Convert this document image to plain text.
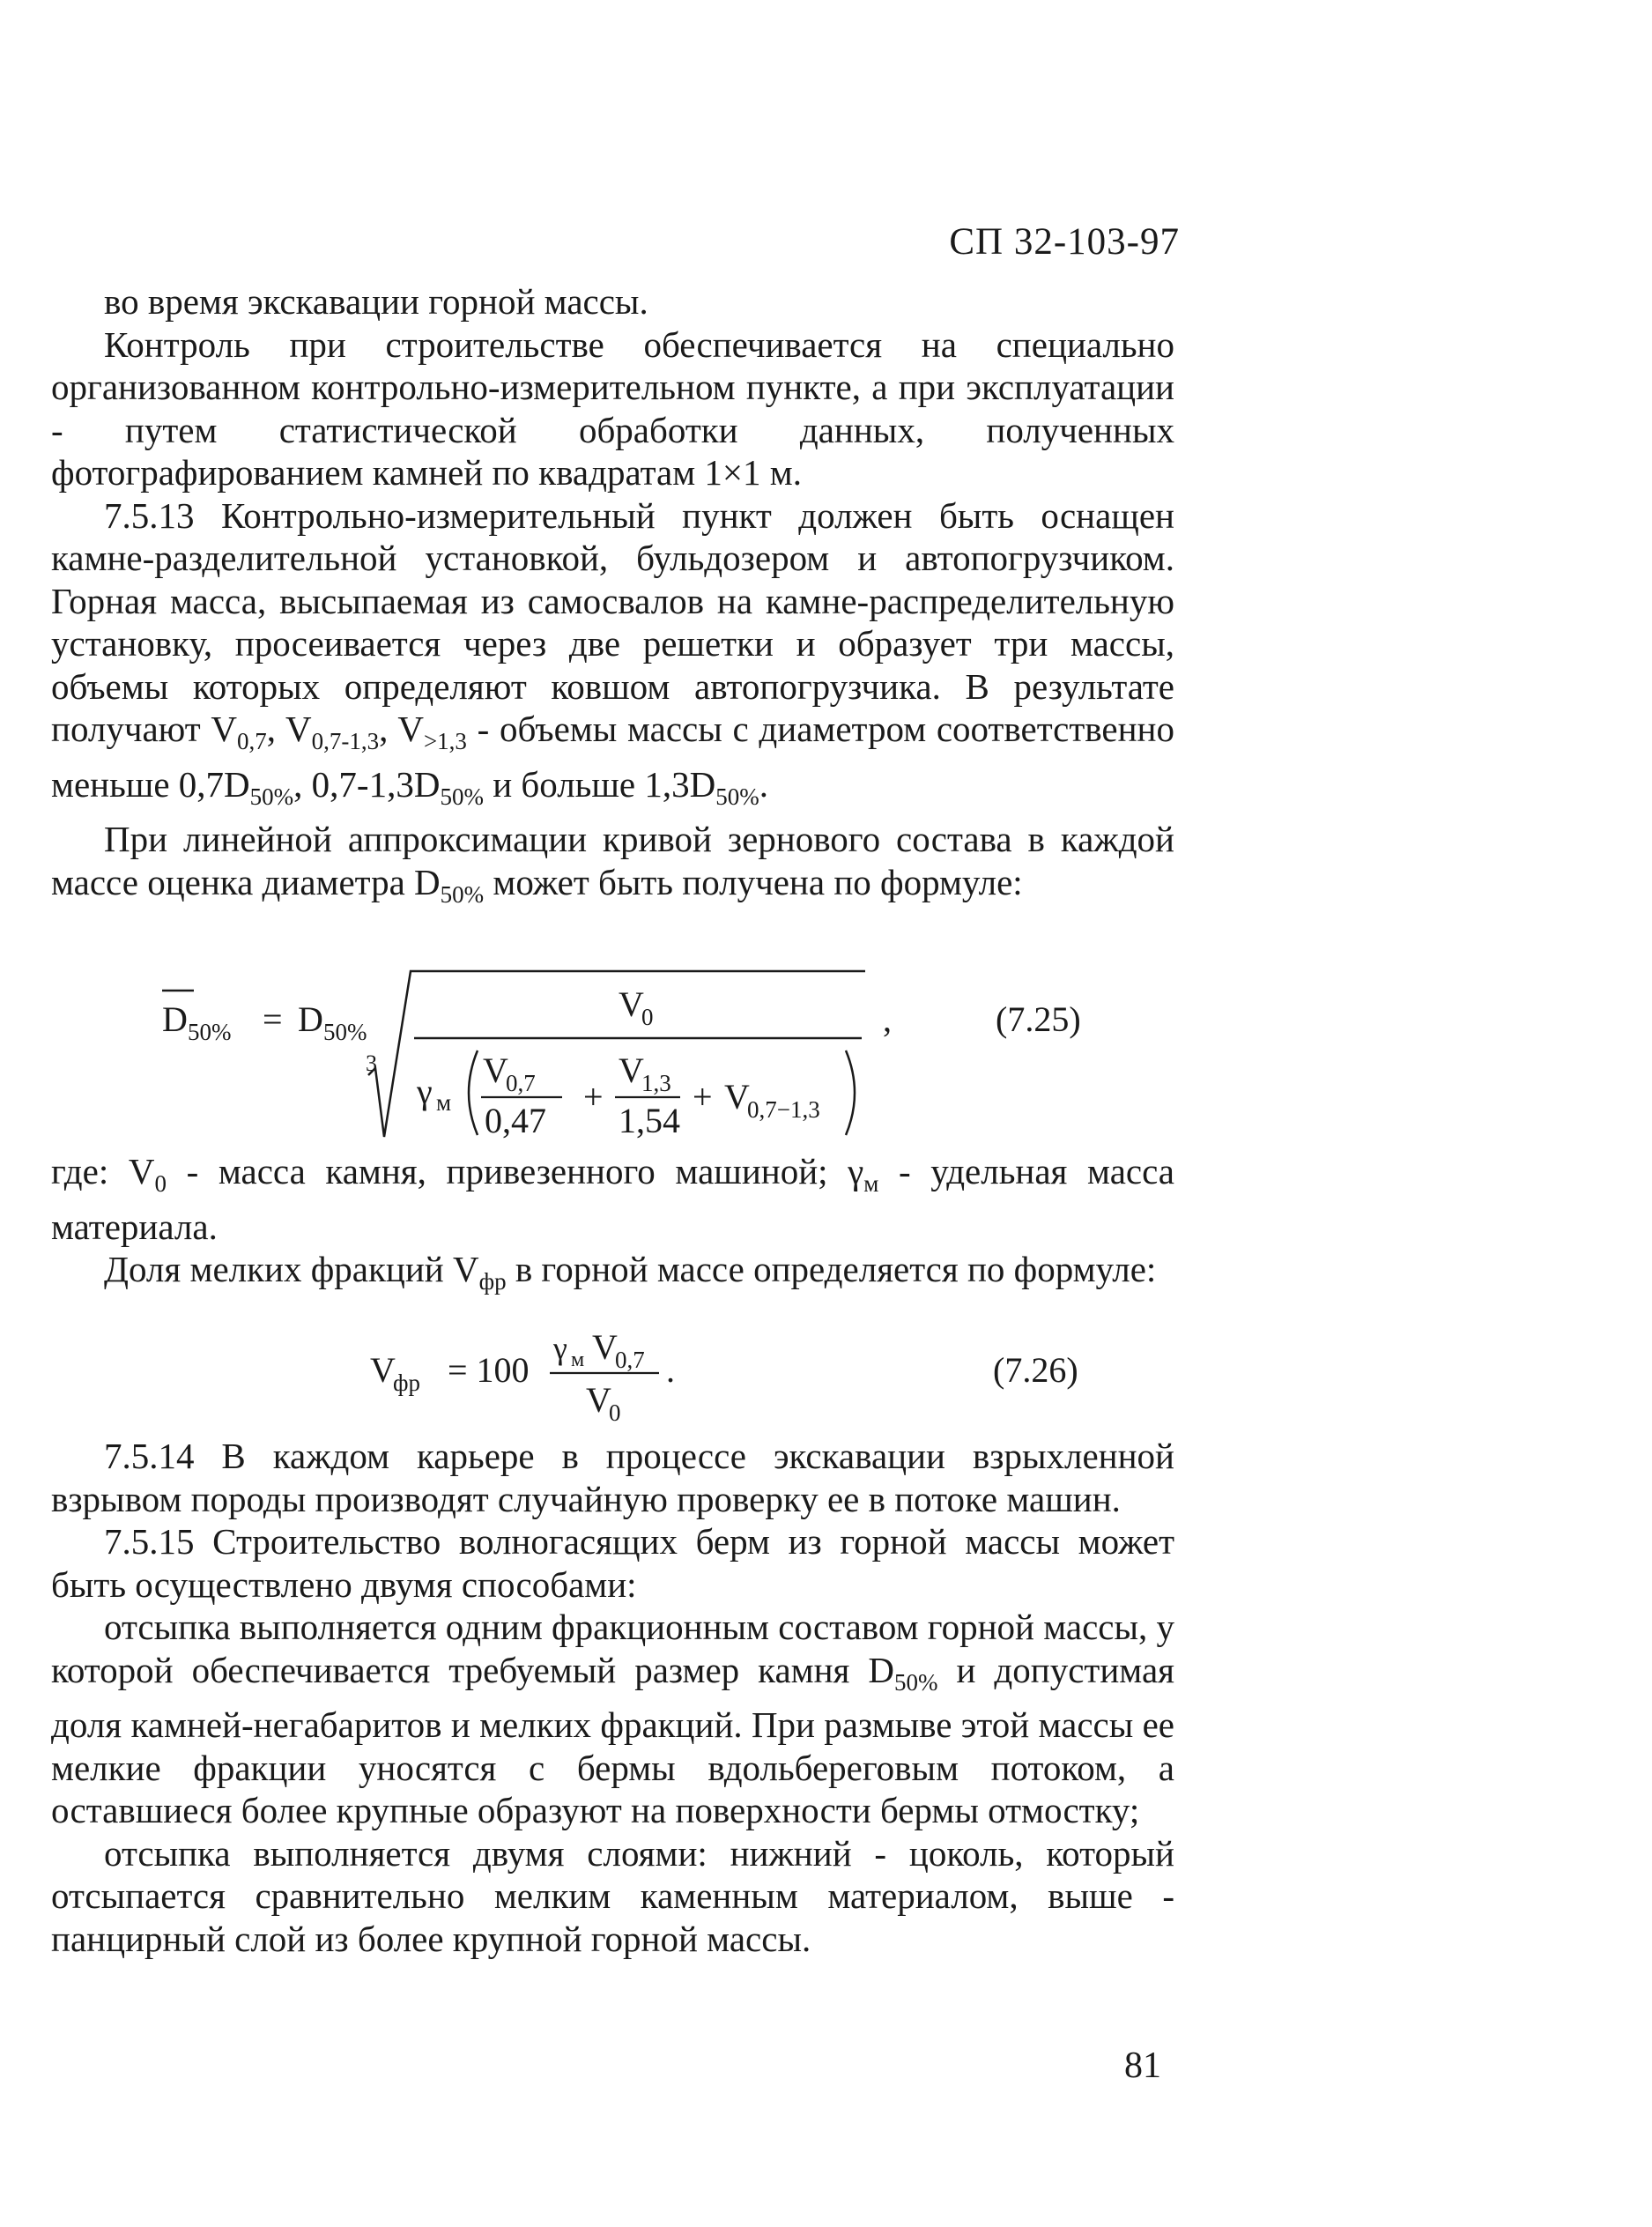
СП 32-103-97

во время экскавации горной массы.

Контроль при строительстве обеспечивается на специально организованном контрольно-измерительном пункте, а при эксплуатации - путем статистической обработки данных, полученных фотографированием камней по квадратам 1×1 м.

7.5.13 Контрольно-измерительный пункт должен быть оснащен камне-разделительной установкой, бульдозером и автопогрузчиком. Горная масса, высыпаемая из самосвалов на камне-распределительную установку, просеивается через две решетки и образует три массы, объемы которых определяют ковшом автопогрузчика. В результате получают $V_{0,7}$, $V_{0,7-1,3}$, $V_{>1,3}$ - объемы массы с диаметром соответственно меньше $0,7D_{50\%}$, $0,7-1,3D_{50\%}$ и больше $1,3D_{50\%}$.

При линейной аппроксимации кривой зернового состава в каждой массе оценка диаметра $D_{50\%}$ может быть получена по формуле:

D 50% = D 50%
3
V
0
γ м
V
0,7
0,47
+
V
1,3
1,54
+ V
0,7−1,3
,	(7.25)

где: $V_0$ - масса камня, привезенного машиной; $\gamma_м$ - удельная масса материала.

Доля мелких фракций $V_{фр}$ в горной массе определяется по формуле:

V
фр = 100
γ м V
0,7
V
0
.	(7.26)

7.5.14 В каждом карьере в процессе экскавации взрыхленной взрывом породы производят случайную проверку ее в потоке машин.

7.5.15 Строительство волногасящих берм из горной массы может быть осуществлено двумя способами:

отсыпка выполняется одним фракционным составом горной массы, у которой обеспечивается требуемый размер камня $D_{50\%}$ и допустимая доля камней-негабаритов и мелких фракций. При размыве этой массы ее мелкие фракции уносятся с бермы вдольбереговым потоком, а оставшиеся более крупные образуют на поверхности бермы отмостку;

отсыпка выполняется двумя слоями: нижний - цоколь, который отсыпается сравнительно мелким каменным материалом, выше - панцирный слой из более крупной горной массы.

81
